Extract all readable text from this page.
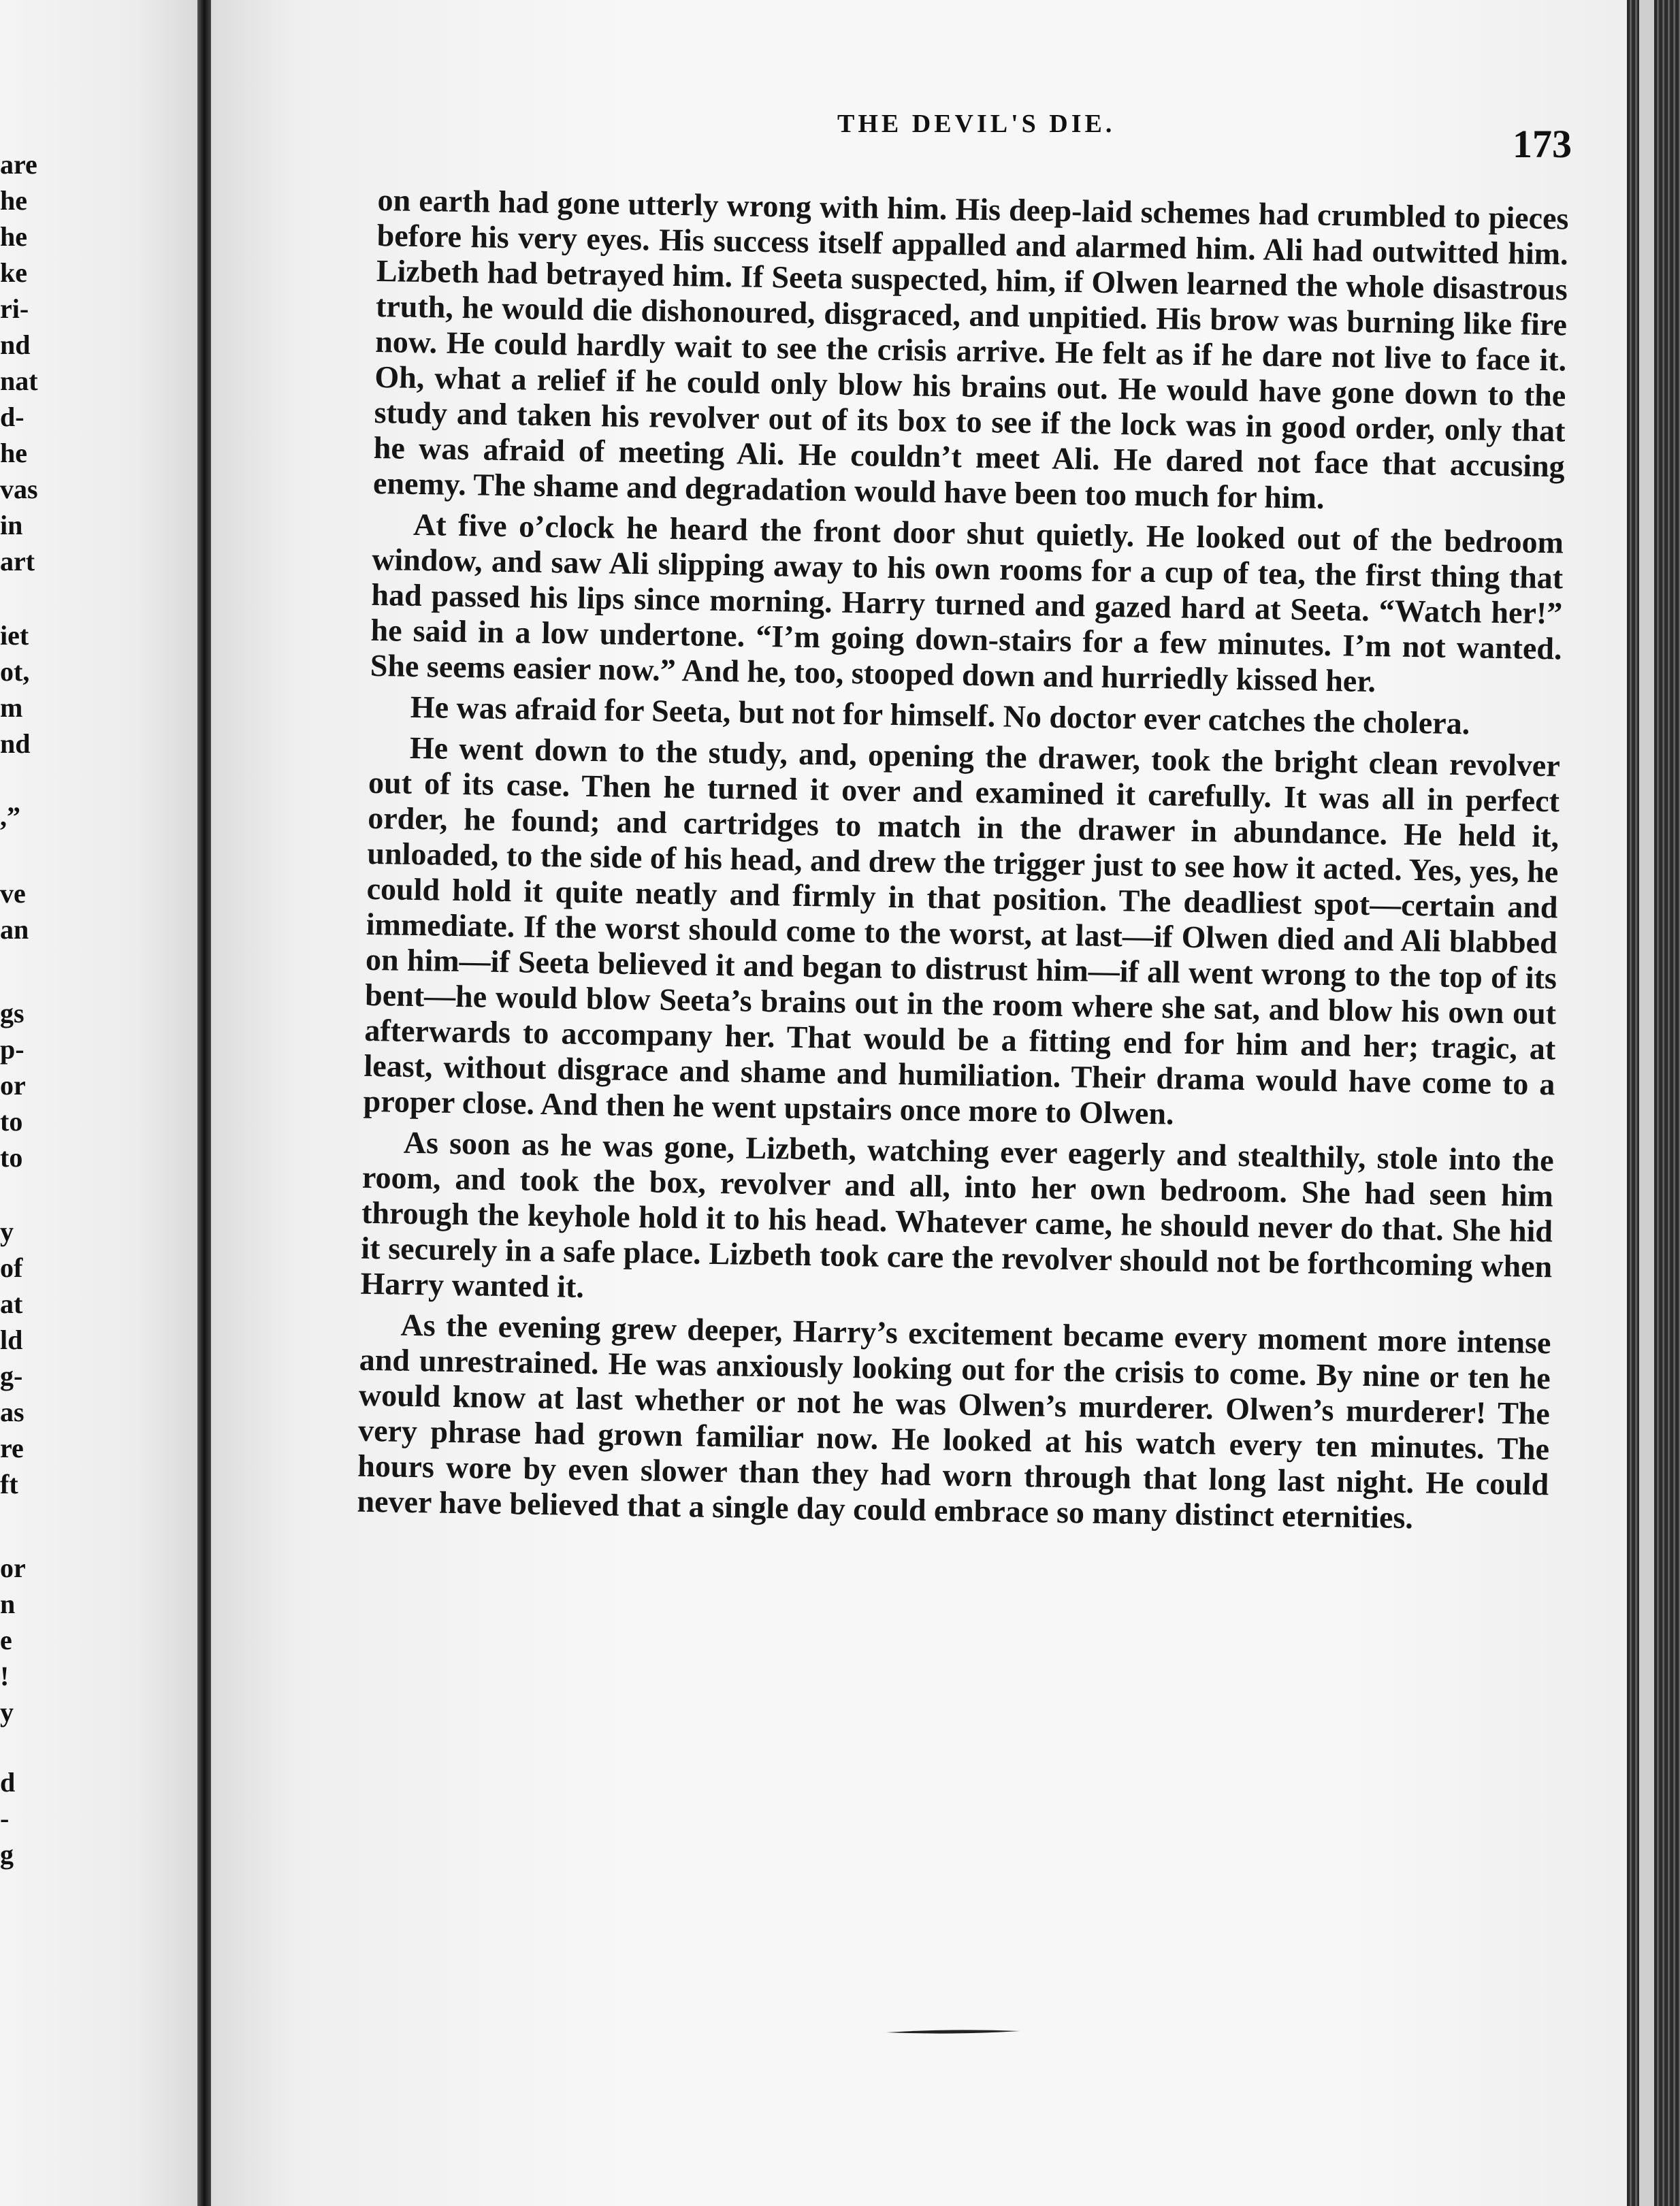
are
he
he
ke
ri-
nd
nat
d-
he
vas
in
art
iet
ot,
m
nd
,”
ve
an
gs
p-
or
to
to
y
of
at
ld
g-
as
re
ft
or
n
e
!
y
d
-
g
THE DEVIL'S DIE.	173

on earth had gone utterly wrong with him. His deep-laid schemes had crumbled to pieces before his very eyes. His success itself appalled and alarmed him. Ali had outwitted him. Lizbeth had betrayed him. If Seeta suspected, him, if Olwen learned the whole disastrous truth, he would die dishonoured, disgraced, and unpitied. His brow was burning like fire now. He could hardly wait to see the crisis arrive. He felt as if he dare not live to face it. Oh, what a relief if he could only blow his brains out. He would have gone down to the study and taken his revolver out of its box to see if the lock was in good order, only that he was afraid of meeting Ali. He couldn’t meet Ali. He dared not face that accusing enemy. The shame and degradation would have been too much for him.

At five o’clock he heard the front door shut quietly. He looked out of the bedroom window, and saw Ali slipping away to his own rooms for a cup of tea, the first thing that had passed his lips since morning. Harry turned and gazed hard at Seeta. “Watch her!” he said in a low undertone. “I’m going down-stairs for a few minutes. I’m not wanted. She seems easier now.” And he, too, stooped down and hurriedly kissed her.

He was afraid for Seeta, but not for himself. No doctor ever catches the cholera.

He went down to the study, and, opening the drawer, took the bright clean revolver out of its case. Then he turned it over and examined it carefully. It was all in perfect order, he found; and cartridges to match in the drawer in abundance. He held it, unloaded, to the side of his head, and drew the trigger just to see how it acted. Yes, yes, he could hold it quite neatly and firmly in that position. The deadliest spot—certain and immediate. If the worst should come to the worst, at last—if Olwen died and Ali blabbed on him—if Seeta believed it and began to distrust him—if all went wrong to the top of its bent—he would blow Seeta’s brains out in the room where she sat, and blow his own out afterwards to accompany her. That would be a fitting end for him and her; tragic, at least, without disgrace and shame and humiliation. Their drama would have come to a proper close. And then he went upstairs once more to Olwen.

As soon as he was gone, Lizbeth, watching ever eagerly and stealthily, stole into the room, and took the box, revolver and all, into her own bedroom. She had seen him through the keyhole hold it to his head. Whatever came, he should never do that. She hid it securely in a safe place. Lizbeth took care the revolver should not be forthcoming when Harry wanted it.

As the evening grew deeper, Harry’s excitement became every moment more intense and unrestrained. He was anxiously looking out for the crisis to come. By nine or ten he would know at last whether or not he was Olwen’s murderer. Olwen’s murderer! The very phrase had grown familiar now. He looked at his watch every ten minutes. The hours wore by even slower than they had worn through that long last night. He could never have believed that a single day could embrace so many distinct eternities.
